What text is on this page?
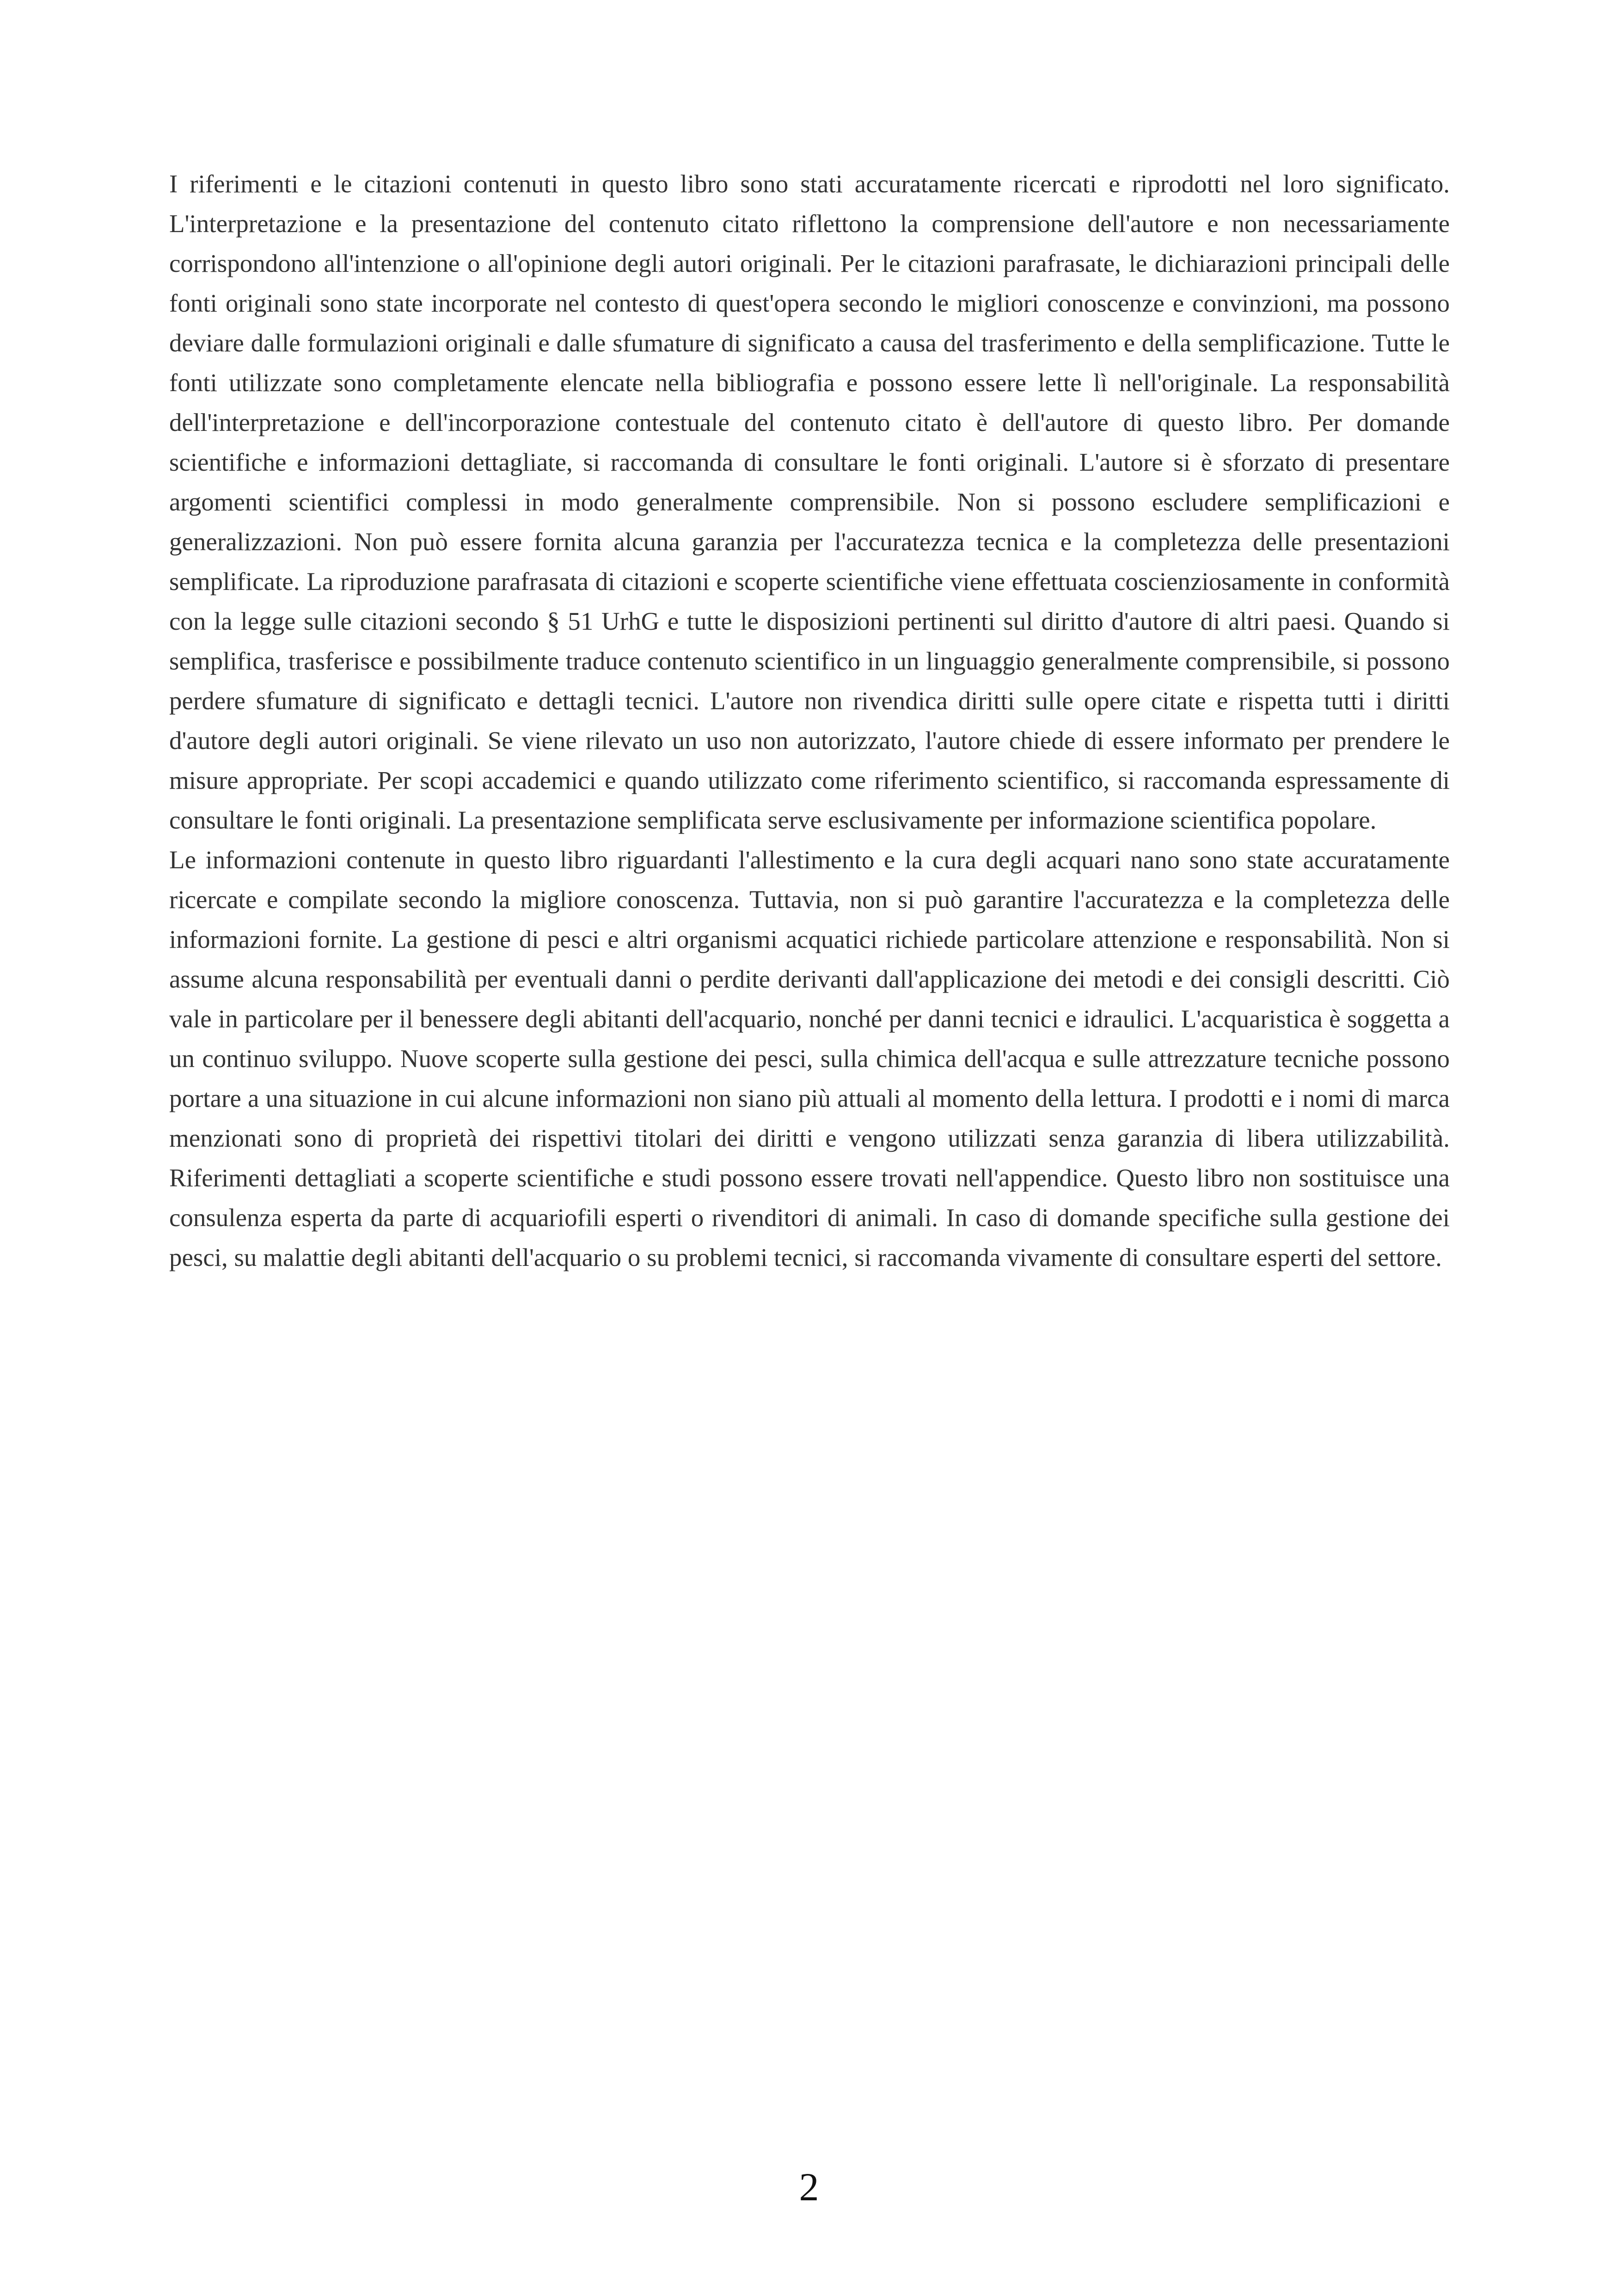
I riferimenti e le citazioni contenuti in questo libro sono stati accuratamente ricercati e riprodotti nel loro significato. L'interpretazione e la presentazione del contenuto citato riflettono la comprensione dell'autore e non necessariamente corrispondono all'intenzione o all'opinione degli autori originali. Per le citazioni parafrasate, le dichiarazioni principali delle fonti originali sono state incorporate nel contesto di quest'opera secondo le migliori conoscenze e convinzioni, ma possono deviare dalle formulazioni originali e dalle sfumature di significato a causa del trasferimento e della semplificazione. Tutte le fonti utilizzate sono completamente elencate nella bibliografia e possono essere lette lì nell'originale. La responsabilità dell'interpretazione e dell'incorporazione contestuale del contenuto citato è dell'autore di questo libro. Per domande scientifiche e informazioni dettagliate, si raccomanda di consultare le fonti originali. L'autore si è sforzato di presentare argomenti scientifici complessi in modo generalmente comprensibile. Non si possono escludere semplificazioni e generalizzazioni. Non può essere fornita alcuna garanzia per l'accuratezza tecnica e la completezza delle presentazioni semplificate. La riproduzione parafrasata di citazioni e scoperte scientifiche viene effettuata coscienziosamente in conformità con la legge sulle citazioni secondo § 51 UrhG e tutte le disposizioni pertinenti sul diritto d'autore di altri paesi. Quando si semplifica, trasferisce e possibilmente traduce contenuto scientifico in un linguaggio generalmente comprensibile, si possono perdere sfumature di significato e dettagli tecnici. L'autore non rivendica diritti sulle opere citate e rispetta tutti i diritti d'autore degli autori originali. Se viene rilevato un uso non autorizzato, l'autore chiede di essere informato per prendere le misure appropriate. Per scopi accademici e quando utilizzato come riferimento scientifico, si raccomanda espressamente di consultare le fonti originali. La presentazione semplificata serve esclusivamente per informazione scientifica popolare.

Le informazioni contenute in questo libro riguardanti l'allestimento e la cura degli acquari nano sono state accuratamente ricercate e compilate secondo la migliore conoscenza. Tuttavia, non si può garantire l'accuratezza e la completezza delle informazioni fornite. La gestione di pesci e altri organismi acquatici richiede particolare attenzione e responsabilità. Non si assume alcuna responsabilità per eventuali danni o perdite derivanti dall'applicazione dei metodi e dei consigli descritti. Ciò vale in particolare per il benessere degli abitanti dell'acquario, nonché per danni tecnici e idraulici. L'acquaristica è soggetta a un continuo sviluppo. Nuove scoperte sulla gestione dei pesci, sulla chimica dell'acqua e sulle attrezzature tecniche possono portare a una situazione in cui alcune informazioni non siano più attuali al momento della lettura. I prodotti e i nomi di marca menzionati sono di proprietà dei rispettivi titolari dei diritti e vengono utilizzati senza garanzia di libera utilizzabilità. Riferimenti dettagliati a scoperte scientifiche e studi possono essere trovati nell'appendice. Questo libro non sostituisce una consulenza esperta da parte di acquariofili esperti o rivenditori di animali. In caso di domande specifiche sulla gestione dei pesci, su malattie degli abitanti dell'acquario o su problemi tecnici, si raccomanda vivamente di consultare esperti del settore.

2
